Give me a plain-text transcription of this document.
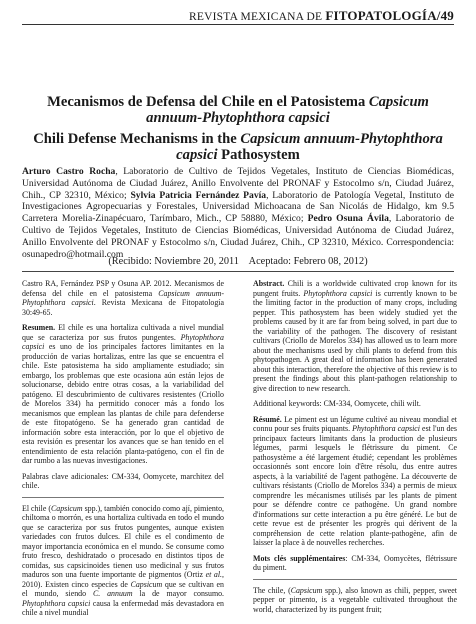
REVISTA MEXICANA DE FITOPATOLOGÍA/49
Mecanismos de Defensa del Chile en el Patosistema Capsicum annuum-Phytophthora capsici
Chili Defense Mechanisms in the Capsicum annuum-Phytophthora capsici Pathosystem
Arturo Castro Rocha, Laboratorio de Cultivo de Tejidos Vegetales, Instituto de Ciencias Biomédicas, Universidad Autónoma de Ciudad Juárez, Anillo Envolvente del PRONAF y Estocolmo s/n, Ciudad Juárez, Chih., CP 32310, México; Sylvia Patricia Fernández Pavía, Laboratorio de Patología Vegetal, Instituto de Investigaciones Agropecuarias y Forestales, Universidad Michoacana de San Nicolás de Hidalgo, km 9.5 Carretera Morelia-Zinapécuaro, Tarímbaro, Mich., CP 58880, México; Pedro Osuna Ávila, Laboratorio de Cultivo de Tejidos Vegetales, Instituto de Ciencias Biomédicas, Universidad Autónoma de Ciudad Juárez, Anillo Envolvente del PRONAF y Estocolmo s/n, Ciudad Juárez, Chih., CP 32310, México. Correspondencia: osunapedro@hotmail.com
(Recibido: Noviembre 20, 2011    Aceptado: Febrero 08, 2012)

Castro RA, Fernández PSP y Osuna AP. 2012. Mecanismos de defensa del chile en el patosistema Capsicum annuum-Phytophthora capsici. Revista Mexicana de Fitopatología 30:49-65.

Resumen. El chile es una hortaliza cultivada a nivel mundial que se caracteriza por sus frutos pungentes. Phytophthora capsici es uno de los principales factores limitantes en la producción de varias hortalizas, entre las que se encuentra el chile. Este patosistema ha sido ampliamente estudiado; sin embargo, los problemas que este ocasiona aún están lejos de solucionarse, debido entre otras cosas, a la variabilidad del patógeno. El descubrimiento de cultivares resistentes (Criollo de Morelos 334) ha permitido conocer más a fondo los mecanismos que emplean las plantas de chile para defenderse de este fitopatógeno. Se ha generado gran cantidad de información sobre esta interacción, por lo que el objetivo de esta revisión es presentar los avances que se han tenido en el entendimiento de esta relación planta-patógeno, con el fin de dar rumbo a las nuevas investigaciones.

Palabras clave adicionales: CM-334, Oomycete, marchitez del chile.

El chile (Capsicum spp.), también conocido como ají, pimiento, chiltoma o morrón, es una hortaliza cultivada en todo el mundo que se caracteriza por sus frutos pungentes, aunque existen variedades con frutos dulces. El chile es el condimento de mayor importancia económica en el mundo. Se consume como fruto fresco, deshidratado o procesado en distintos tipos de comidas, sus capsicinoides tienen uso medicinal y sus frutos maduros son una fuente importante de pigmentos (Ortiz et al., 2010). Existen cinco especies de Capsicum que se cultivan en el mundo, siendo C. annuum la de mayor consumo. Phytophthora capsici causa la enfermedad más devastadora en chile a nivel mundial

Abstract. Chili is a worldwide cultivated crop known for its pungent fruits. Phytophthora capsici is currently known to be the limiting factor in the production of many crops, including pepper. This pathosystem has been widely studied yet the problems caused by it are far from being solved, in part due to the variability of the pathogen. The discovery of resistant cultivars (Criollo de Morelos 334) has allowed us to learn more about the mechanisms used by chili plants to defend from this phytopathogen. A great deal of information has been generated about this interaction, therefore the objective of this review is to present the findings about this plant-pathogen relationship to give direction to new research.

Additional keywords: CM-334, Oomycete, chili wilt.

Résumé. Le piment est un légume cultivé au niveau mondial et connu pour ses fruits piquants. Phytophthora capsici est l'un des principaux facteurs limitants dans la production de plusieurs légumes, parmi lesquels le flétrissure du piment. Ce pathosystème a été largement étudié; cependant les problèmes occasionnés sont encore loin d'être résolu, dus entre autres aspects, à la variabilité de l'agent pathogène. La découverte de cultivars résistants (Criollo de Morelos 334) a permis de mieux comprendre les mécanismes utilisés par les plants de piment pour se défendre contre ce pathogène. Un grand nombre d'informations sur cette interaction a pu être généré. Le but de cette revue est de présenter les progrès qui dérivent de la compréhension de cette relation plante-pathogène, afin de laisser la place à de nouvelles recherches.

Mots clés supplémentaires: CM-334, Oomycètes, flétrissure du piment.

The chile, (Capsicum spp.), also known as chili, pepper, sweet pepper or pimento, is a vegetable cultivated throughout the world, characterized by its pungent fruit;
